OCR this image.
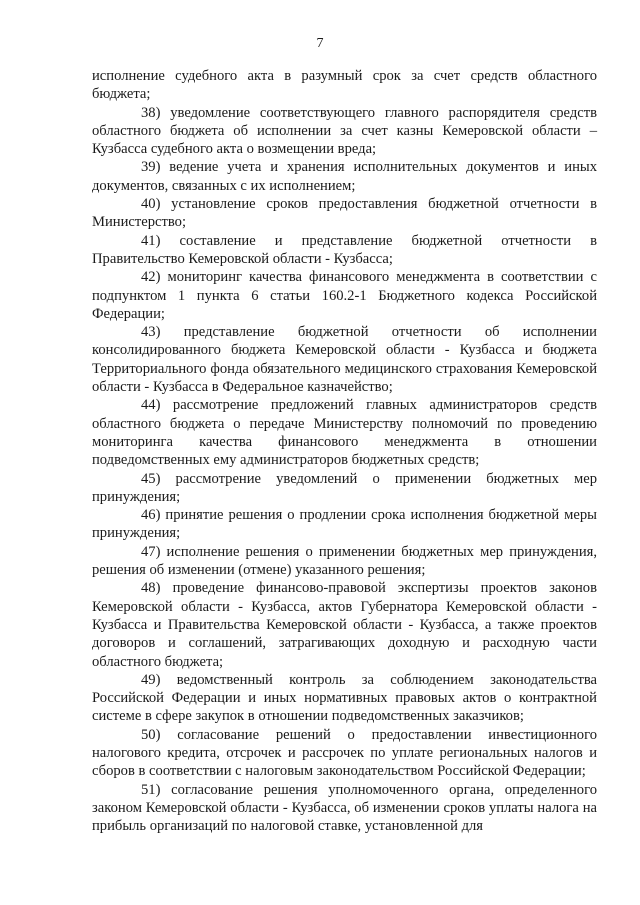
7

исполнение судебного акта в разумный срок за счет средств областного бюджета;

38) уведомление соответствующего главного распорядителя средств областного бюджета об исполнении за счет казны Кемеровской области – Кузбасса судебного акта о возмещении вреда;

39) ведение учета и хранения исполнительных документов и иных документов, связанных с их исполнением;

40) установление сроков предоставления бюджетной отчетности в Министерство;

41) составление и представление бюджетной отчетности в Правительство Кемеровской области - Кузбасса;

42) мониторинг качества финансового менеджмента в соответствии с подпунктом 1 пункта 6 статьи 160.2-1 Бюджетного кодекса Российской Федерации;

43) представление бюджетной отчетности об исполнении консолидированного бюджета Кемеровской области - Кузбасса и бюджета Территориального фонда обязательного медицинского страхования Кемеровской области - Кузбасса в Федеральное казначейство;

44) рассмотрение предложений главных администраторов средств областного бюджета о передаче Министерству полномочий по проведению мониторинга качества финансового менеджмента в отношении подведомственных ему администраторов бюджетных средств;

45) рассмотрение уведомлений о применении бюджетных мер принуждения;

46) принятие решения о продлении срока исполнения бюджетной меры принуждения;

47) исполнение решения о применении бюджетных мер принуждения, решения об изменении (отмене) указанного решения;

48) проведение финансово-правовой экспертизы проектов законов Кемеровской области - Кузбасса, актов Губернатора Кемеровской области - Кузбасса и Правительства Кемеровской области - Кузбасса, а также проектов договоров и соглашений, затрагивающих доходную и расходную части областного бюджета;

49) ведомственный контроль за соблюдением законодательства Российской Федерации и иных нормативных правовых актов о контрактной системе в сфере закупок в отношении подведомственных заказчиков;

50) согласование решений о предоставлении инвестиционного налогового кредита, отсрочек и рассрочек по уплате региональных налогов и сборов в соответствии с налоговым законодательством Российской Федерации;

51) согласование решения уполномоченного органа, определенного законом Кемеровской области - Кузбасса, об изменении сроков уплаты налога на прибыль организаций по налоговой ставке, установленной для
